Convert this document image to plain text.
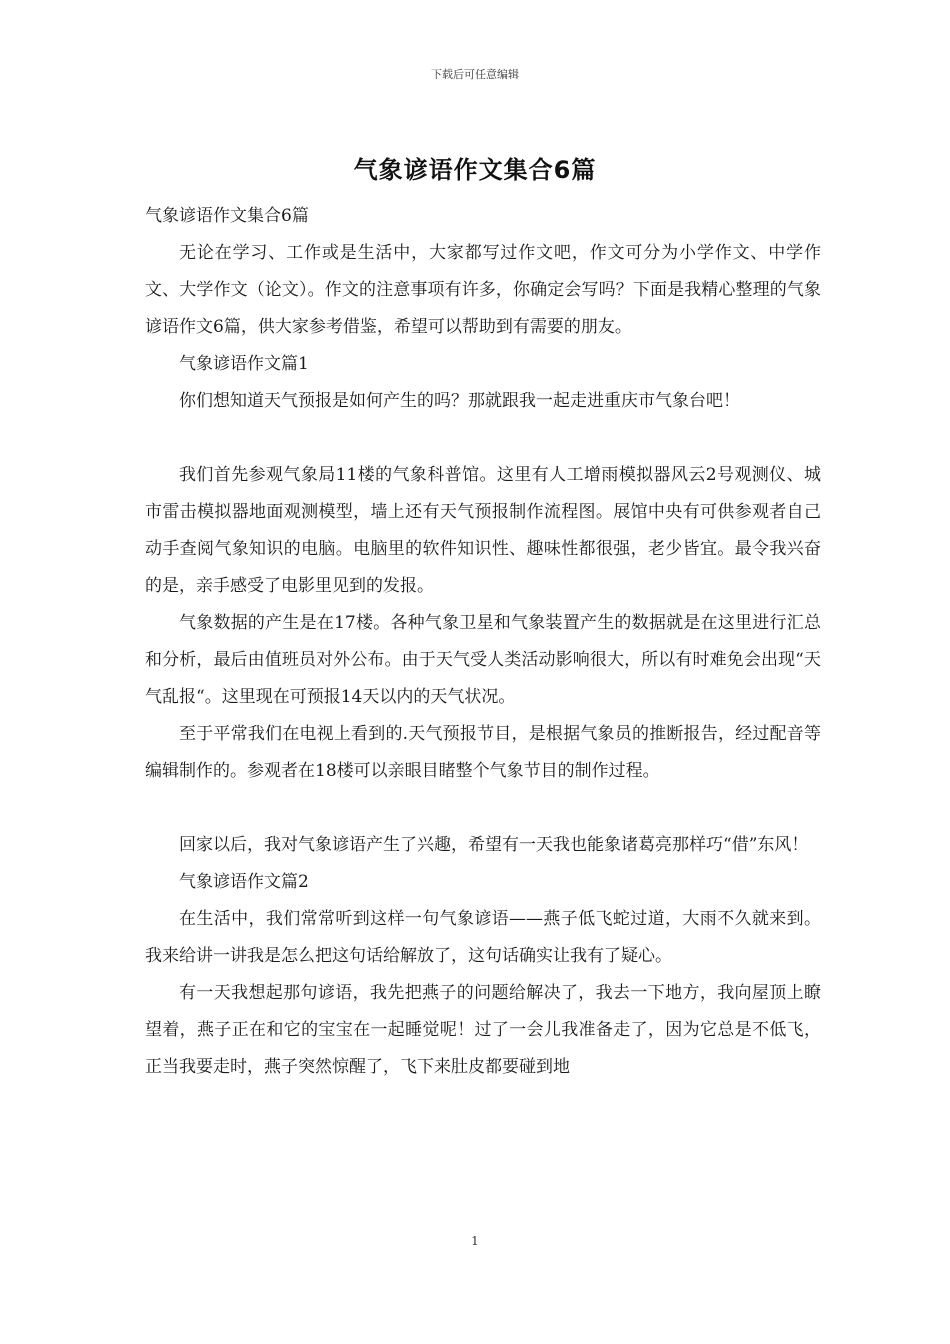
下载后可任意编辑
气象谚语作文集合6篇

气象谚语作文集合6篇

无论在学习、工作或是生活中，大家都写过作文吧，作文可分为小学作文、中学作文、大学作文（论文）。作文的注意事项有许多，你确定会写吗？下面是我精心整理的气象谚语作文6篇，供大家参考借鉴，希望可以帮助到有需要的朋友。

气象谚语作文篇1

你们想知道天气预报是如何产生的吗？那就跟我一起走进重庆市气象台吧！

我们首先参观气象局11楼的气象科普馆。这里有人工增雨模拟器风云2号观测仪、城市雷击模拟器地面观测模型，墙上还有天气预报制作流程图。展馆中央有可供参观者自己动手查阅气象知识的电脑。电脑里的软件知识性、趣味性都很强，老少皆宜。最令我兴奋的是，亲手感受了电影里见到的发报。

气象数据的产生是在17楼。各种气象卫星和气象装置产生的数据就是在这里进行汇总和分析，最后由值班员对外公布。由于天气受人类活动影响很大，所以有时难免会出现“天气乱报“。这里现在可预报14天以内的天气状况。

至于平常我们在电视上看到的.天气预报节目，是根据气象员的推断报告，经过配音等编辑制作的。参观者在18楼可以亲眼目睹整个气象节目的制作过程。

回家以后，我对气象谚语产生了兴趣，希望有一天我也能象诸葛亮那样巧“借”东风！

气象谚语作文篇2

在生活中，我们常常听到这样一句气象谚语——燕子低飞蛇过道，大雨不久就来到。我来给讲一讲我是怎么把这句话给解放了，这句话确实让我有了疑心。

有一天我想起那句谚语，我先把燕子的问题给解决了，我去一下地方，我向屋顶上瞭望着，燕子正在和它的宝宝在一起睡觉呢！过了一会儿我准备走了，因为它总是不低飞，正当我要走时，燕子突然惊醒了，飞下来肚皮都要碰到地

1
